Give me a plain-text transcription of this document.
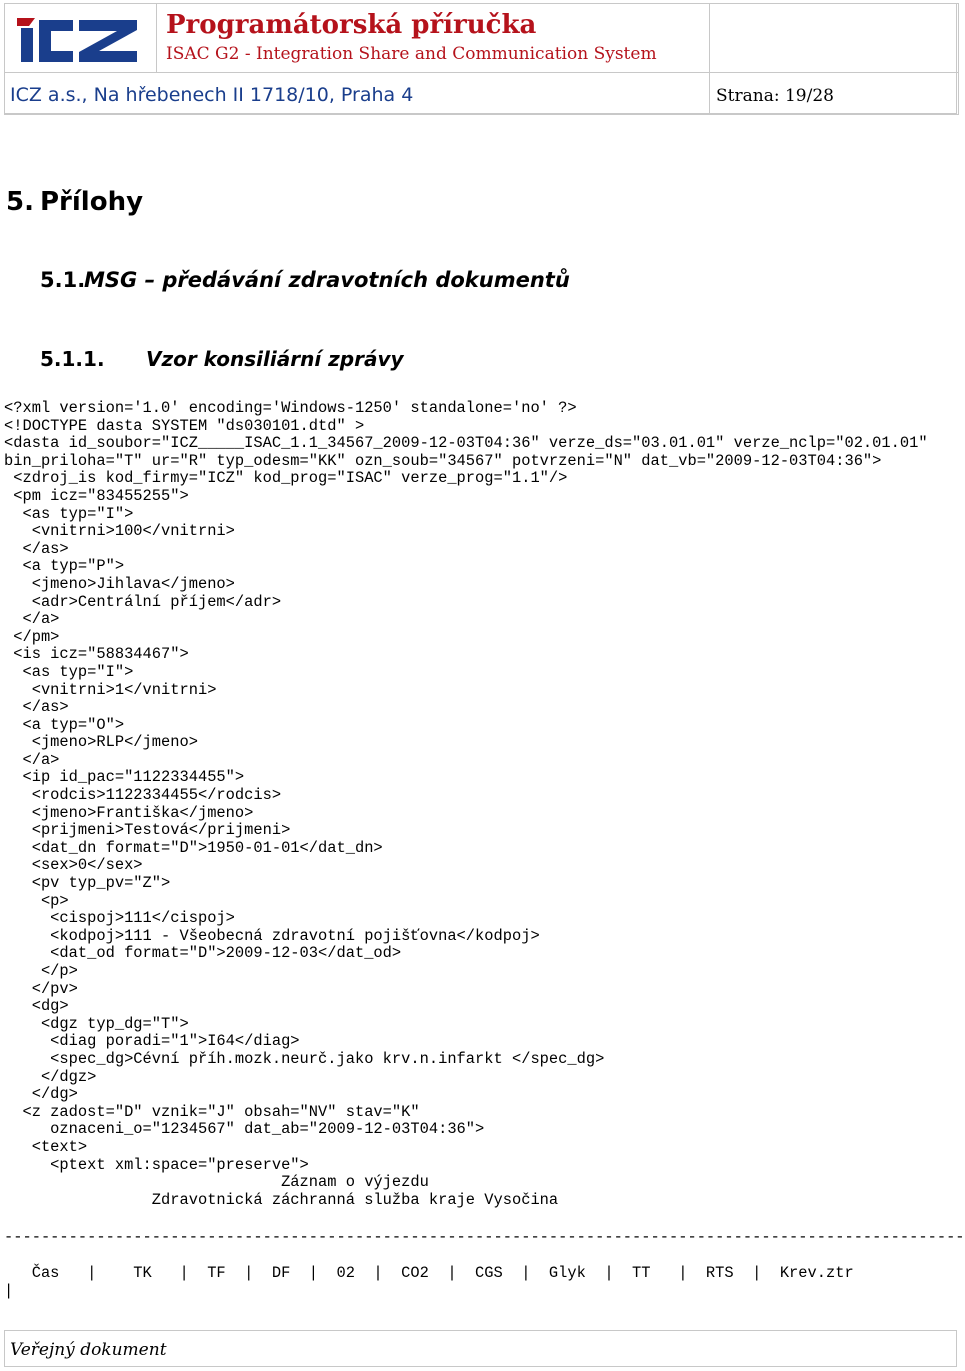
Programátorská příručka
ISAC G2 - Integration Share and Communication System
ICZ a.s., Na hřebenech II 1718/10, Praha 4	Strana: 19/28
5. Přílohy
5.1.MSG – předávání zdravotních dokumentů
5.1.1. Vzor konsiliární zprávy
<?xml version='1.0' encoding='Windows-1250' standalone='no' ?>
<!DOCTYPE dasta SYSTEM "ds030101.dtd" >
<dasta id_soubor="ICZ_____ISAC_1.1_34567_2009-12-03T04:36" verze_ds="03.01.01" verze_nclp="02.01.01"
bin_priloha="T" ur="R" typ_odesm="KK" ozn_soub="34567" potvrzeni="N" dat_vb="2009-12-03T04:36">
<zdroj_is kod_firmy="ICZ" kod_prog="ISAC" verze_prog="1.1"/>
<pm icz="83455255">
<as typ="I">
<vnitrni>100</vnitrni>
</as>
<a typ="P">
<jmeno>Jihlava</jmeno>
<adr>Centrální příjem</adr>
</a>
</pm>
<is icz="58834467">
<as typ="I">
<vnitrni>1</vnitrni>
</as>
<a typ="O">
<jmeno>RLP</jmeno>
</a>
<ip id_pac="1122334455">
<rodcis>1122334455</rodcis>
<jmeno>Františka</jmeno>
<prijmeni>Testová</prijmeni>
<dat_dn format="D">1950-01-01</dat_dn>
<sex>0</sex>
<pv typ_pv="Z">
<p>
<cispoj>111</cispoj>
<kodpoj>111 - Všeobecná zdravotní pojišťovna</kodpoj>
<dat_od format="D">2009-12-03</dat_od>
</p>
</pv>
<dg>
<dgz typ_dg="T">
<diag poradi="1">I64</diag>
<spec_dg>Cévní příh.mozk.neurč.jako krv.n.infarkt </spec_dg>
</dgz>
</dg>
<z zadost="D" vznik="J" obsah="NV" stav="K"
oznaceni_o="1234567" dat_ab="2009-12-03T04:36">
<text>
<ptext xml:space="preserve">
Záznam o výjezdu
Zdravotnická záchranná služba kraje Vysočina
--------------------------------------------------------------------------------------------------------
Čas   |    TK   |  TF  |  DF  |  02  |  CO2  |  CGS  |  Glyk  |  TT   |  RTS  |  Krev.ztr
|
Veřejný dokument
